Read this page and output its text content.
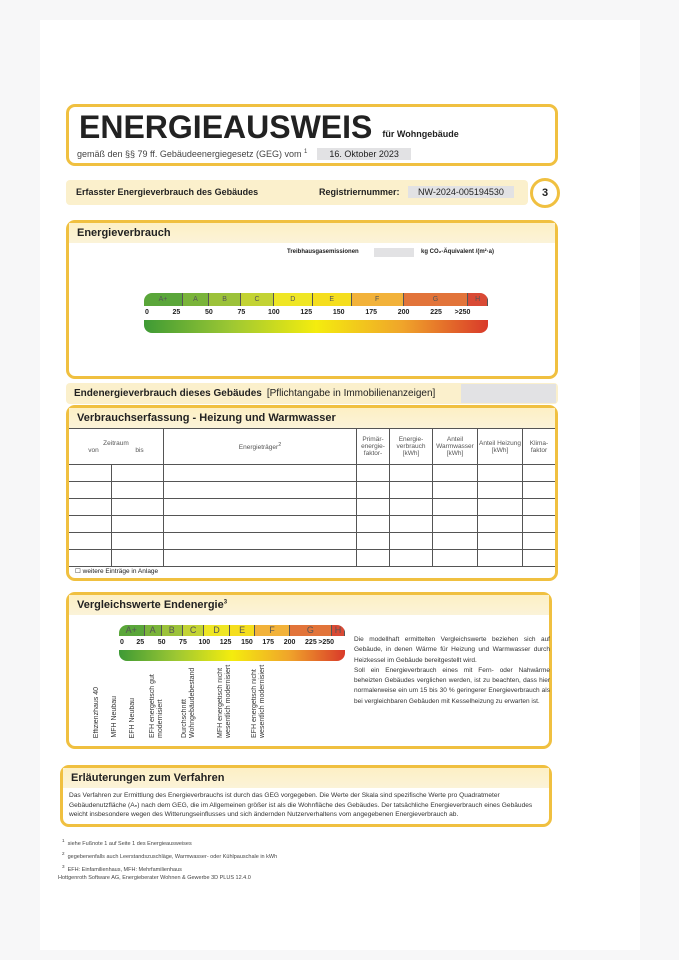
ENERGIEAUSWEIS für Wohngebäude
gemäß den §§ 79 ff. Gebäudeenergiegesetz (GEG) vom $^1$	16. Oktober 2023
Erfasster Energieverbrauch des Gebäudes	Registriernummer:	NW-2024-005194530	3
Energieverbrauch
Treibhausgasemissionen	kg CO₂-Äquivalent /(m²·a)
A+	A	B	C	D	E	F	G	H
0	25	50	75	100	125	150	175	200	225 >250
Endenergieverbrauch dieses Gebäudes [Pflichtangabe in Immobilienanzeigen]
Verbrauchserfassung - Heizung und Warmwasser
Zeitraum
von bis		Energieträger$^2$	Primär-energie-faktor-	Energie-verbrauch [kWh]	Anteil Warmwasser [kWh]	Anteil Heizung [kWh]	Klima-faktor

☐ weitere Einträge in Anlage
Vergleichswerte Endenergie$^3$
A+	A	B	C	D	E	F	G	H
0 25 50 75 100 125 150 175 200 225 >250
Effizienzhaus 40 MFH Neubau EFH Neubau EFH energetisch gut modernisiert Durchschnitt Wohngebäudebestand	MFH energetisch nicht wesentlich modernisiert	EFH energetisch nicht wesentlich modernisiert

Die modellhaft ermittelten Vergleichswerte beziehen sich auf Gebäude, in denen Wärme für Heizung und Warmwasser durch Heizkessel im Gebäude bereitgestellt wird.

Soll ein Energieverbrauch eines mit Fern- oder Nahwärme beheizten Gebäudes verglichen werden, ist zu beachten, dass hier normalerweise ein um 15 bis 30 % geringerer Energieverbrauch als bei vergleichbaren Gebäuden mit Kesselheizung zu erwarten ist.

Erläuterungen zum Verfahren

Das Verfahren zur Ermittlung des Energieverbrauchs ist durch das GEG vorgegeben. Die Werte der Skala sind spezifische Werte pro Quadratmeter Gebäudenutzfläche (Aₙ) nach dem GEG, die im Allgemeinen größer ist als die Wohnfläche des Gebäudes. Der tatsächliche Energieverbrauch eines Gebäudes weicht insbesondere wegen des Witterungseinflusses und sich ändernden Nutzerverhaltens vom angegebenen Energieverbrauch ab.

$^1$  siehe Fußnote 1 auf Seite 1 des Energieausweises
$^2$  gegebenenfalls auch Leerstandszuschläge, Warmwasser- oder Kühlpauschale in kWh
$^3$  EFH: Einfamilienhaus, MFH: Mehrfamilienhaus
Hottgenroth Software AG, Energieberater Wohnen & Gewerbe 3D PLUS 12.4.0
